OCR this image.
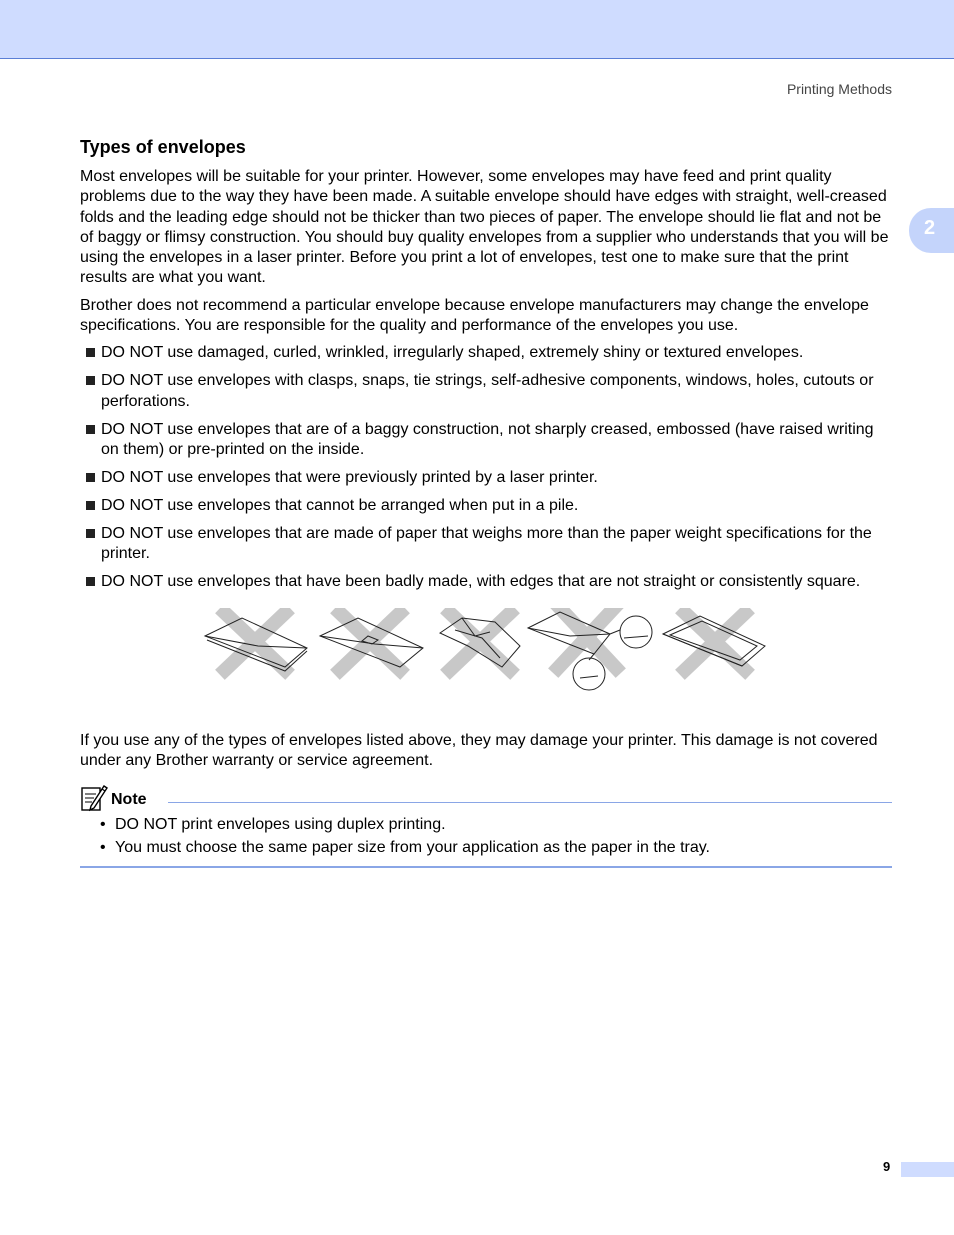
Printing Methods
2
Types of envelopes

Most envelopes will be suitable for your printer. However, some envelopes may have feed and print quality problems due to the way they have been made. A suitable envelope should have edges with straight, well-creased folds and the leading edge should not be thicker than two pieces of paper. The envelope should lie flat and not be of baggy or flimsy construction. You should buy quality envelopes from a supplier who understands that you will be using the envelopes in a laser printer. Before you print a lot of envelopes, test one to make sure that the print results are what you want.

Brother does not recommend a particular envelope because envelope manufacturers may change the envelope specifications. You are responsible for the quality and performance of the envelopes you use.

DO NOT use damaged, curled, wrinkled, irregularly shaped, extremely shiny or textured envelopes.
DO NOT use envelopes with clasps, snaps, tie strings, self-adhesive components, windows, holes, cutouts or perforations.
DO NOT use envelopes that are of a baggy construction, not sharply creased, embossed (have raised writing on them) or pre-printed on the inside.
DO NOT use envelopes that were previously printed by a laser printer.
DO NOT use envelopes that cannot be arranged when put in a pile.
DO NOT use envelopes that are made of paper that weighs more than the paper weight specifications for the printer.
DO NOT use envelopes that have been badly made, with edges that are not straight or consistently square.

If you use any of the types of envelopes listed above, they may damage your printer. This damage is not covered under any Brother warranty or service agreement.

Note
• DO NOT print envelopes using duplex printing.
• You must choose the same paper size from your application as the paper in the tray.
9
